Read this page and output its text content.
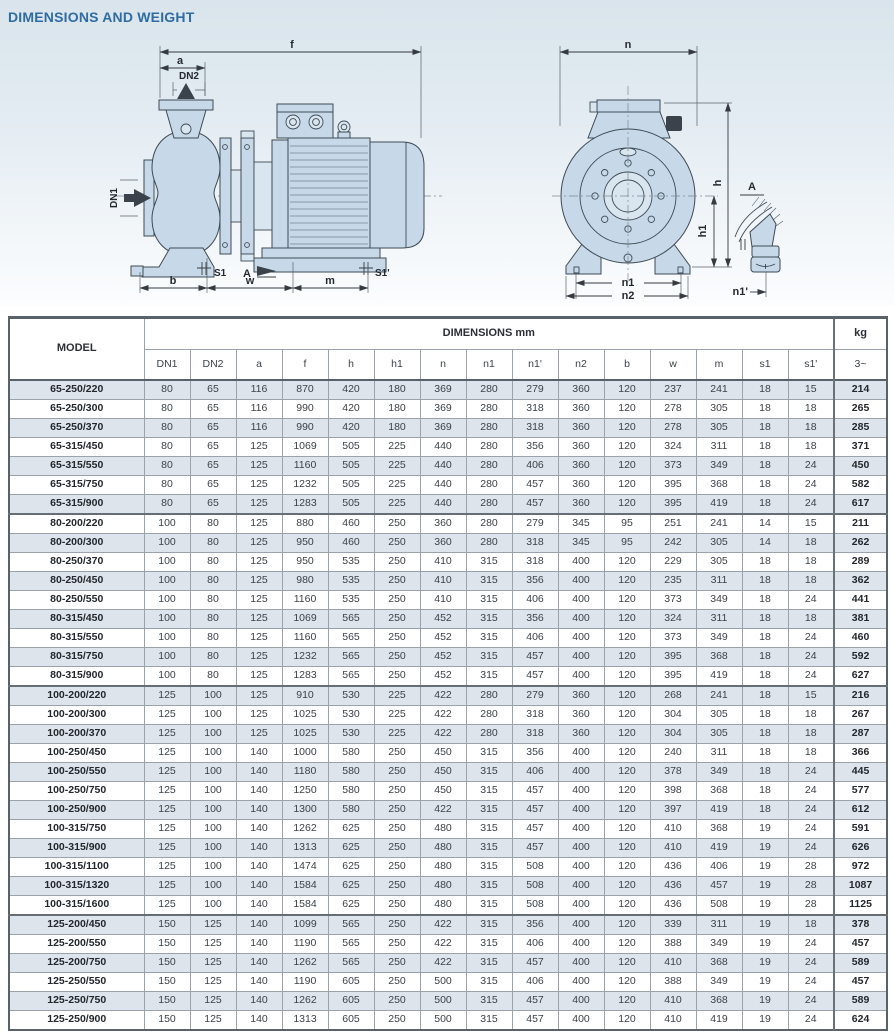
DIMENSIONS AND WEIGHT
DN1
DN2
f
a
S1 A	S1'
b	w	m
n
h
h1
n1
n2
A
n1'
MODEL	DIMENSIONS mm															kg
	DN1	DN2	a	f	h	h1	n	n1	n1'	n2	b	w	m	s1	s1'	3~
65-250/220	80	65	116	870	420	180	369	280	279	360	120	237	241	18	15	214
65-250/300	80	65	116	990	420	180	369	280	318	360	120	278	305	18	18	265
65-250/370	80	65	116	990	420	180	369	280	318	360	120	278	305	18	18	285
65-315/450	80	65	125	1069	505	225	440	280	356	360	120	324	311	18	18	371
65-315/550	80	65	125	1160	505	225	440	280	406	360	120	373	349	18	24	450
65-315/750	80	65	125	1232	505	225	440	280	457	360	120	395	368	18	24	582
65-315/900	80	65	125	1283	505	225	440	280	457	360	120	395	419	18	24	617
80-200/220	100	80	125	880	460	250	360	280	279	345	95	251	241	14	15	211
80-200/300	100	80	125	950	460	250	360	280	318	345	95	242	305	14	18	262
80-250/370	100	80	125	950	535	250	410	315	318	400	120	229	305	18	18	289
80-250/450	100	80	125	980	535	250	410	315	356	400	120	235	311	18	18	362
80-250/550	100	80	125	1160	535	250	410	315	406	400	120	373	349	18	24	441
80-315/450	100	80	125	1069	565	250	452	315	356	400	120	324	311	18	18	381
80-315/550	100	80	125	1160	565	250	452	315	406	400	120	373	349	18	24	460
80-315/750	100	80	125	1232	565	250	452	315	457	400	120	395	368	18	24	592
80-315/900	100	80	125	1283	565	250	452	315	457	400	120	395	419	18	24	627
100-200/220	125	100	125	910	530	225	422	280	279	360	120	268	241	18	15	216
100-200/300	125	100	125	1025	530	225	422	280	318	360	120	304	305	18	18	267
100-200/370	125	100	125	1025	530	225	422	280	318	360	120	304	305	18	18	287
100-250/450	125	100	140	1000	580	250	450	315	356	400	120	240	311	18	18	366
100-250/550	125	100	140	1180	580	250	450	315	406	400	120	378	349	18	24	445
100-250/750	125	100	140	1250	580	250	450	315	457	400	120	398	368	18	24	577
100-250/900	125	100	140	1300	580	250	422	315	457	400	120	397	419	18	24	612
100-315/750	125	100	140	1262	625	250	480	315	457	400	120	410	368	19	24	591
100-315/900	125	100	140	1313	625	250	480	315	457	400	120	410	419	19	24	626
100-315/1100	125	100	140	1474	625	250	480	315	508	400	120	436	406	19	28	972
100-315/1320	125	100	140	1584	625	250	480	315	508	400	120	436	457	19	28	1087
100-315/1600	125	100	140	1584	625	250	480	315	508	400	120	436	508	19	28	1125
125-200/450	150	125	140	1099	565	250	422	315	356	400	120	339	311	19	18	378
125-200/550	150	125	140	1190	565	250	422	315	406	400	120	388	349	19	24	457
125-200/750	150	125	140	1262	565	250	422	315	457	400	120	410	368	19	24	589
125-250/550	150	125	140	1190	605	250	500	315	406	400	120	388	349	19	24	457
125-250/750	150	125	140	1262	605	250	500	315	457	400	120	410	368	19	24	589
125-250/900	150	125	140	1313	605	250	500	315	457	400	120	410	419	19	24	624
